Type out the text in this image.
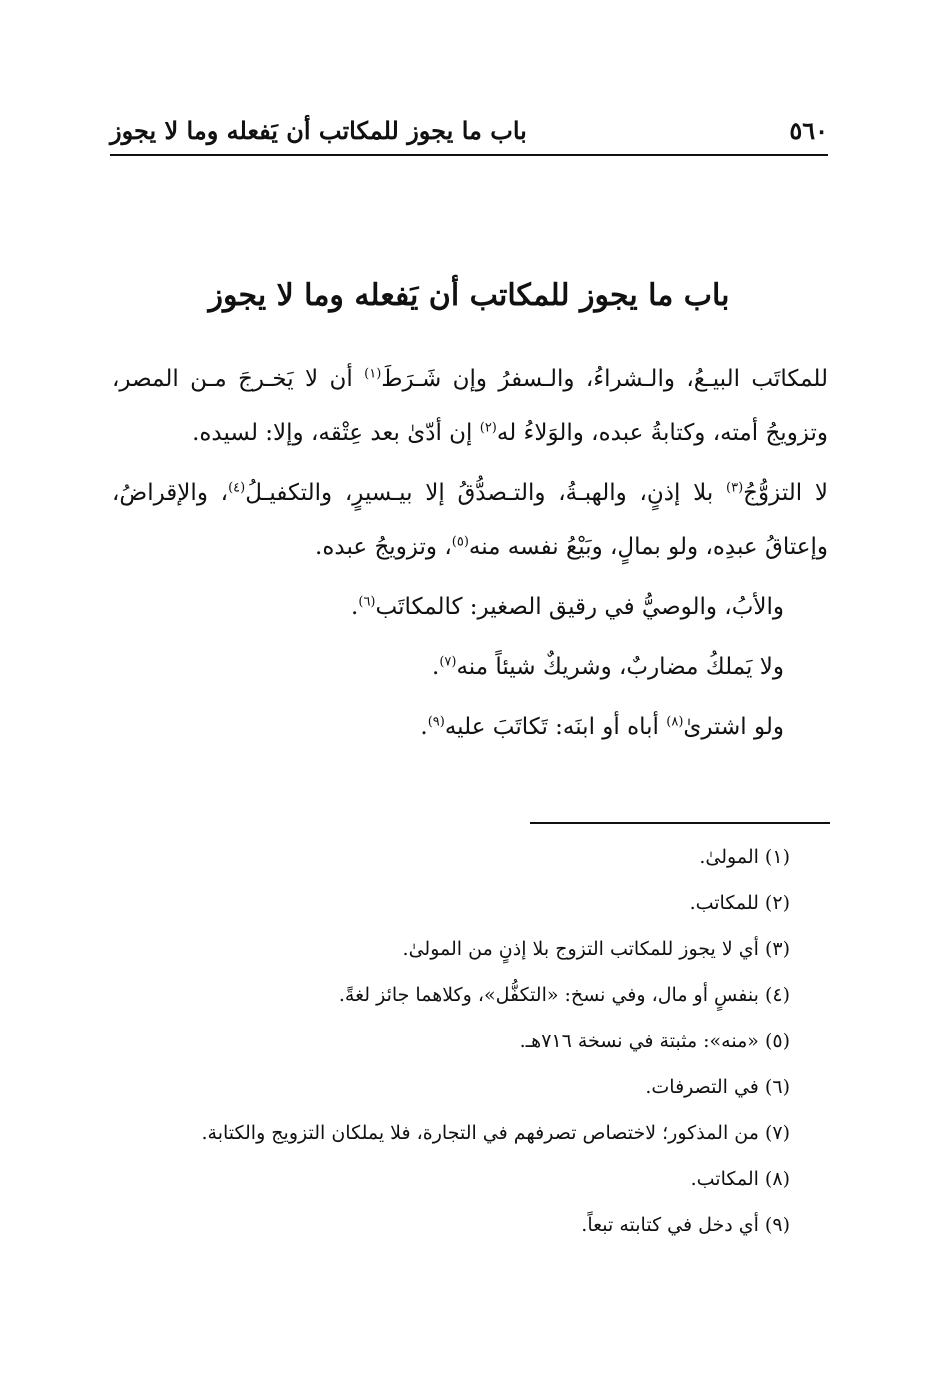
باب ما يجوز للمكاتب أن يَفعله وما لا يجوز	٥٦٠
باب ما يجوز للمكاتب أن يَفعله وما لا يجوز

للمكاتَب البيـعُ، والـشراءُ، والـسفرُ وإن شَـرَطَ$^{(١)}$ أن لا يَخـرجَ مـن المصر، وتزويجُ أمته، وكتابةُ عبده، والوَلاءُ له$^{(٢)}$ إن أدّىٰ بعد عِتْقه، وإلا: لسيده.

لا التزوُّجُ$^{(٣)}$ بلا إذنٍ، والهبـةُ، والتـصدُّقُ إلا بيـسيرٍ، والتكفيـلُ$^{(٤)}$، والإقراضُ، وإعتاقُ عبدِه، ولو بمالٍ، وبَيْعُ نفسه منه$^{(٥)}$، وتزويجُ عبده.

والأبُ، والوصيُّ في رقيق الصغير: كالمكاتَب$^{(٦)}$.

ولا يَملكُ مضاربٌ، وشريكٌ شيئاً منه$^{(٧)}$.

ولو اشترىٰ$^{(٨)}$ أباه أو ابنَه: تَكاتَبَ عليه$^{(٩)}$.

(١) المولىٰ.
(٢) للمكاتب.
(٣) أي لا يجوز للمكاتب التزوج بلا إذنٍ من المولىٰ.
(٤) بنفسٍ أو مال، وفي نسخ: «التكفُّل»، وكلاهما جائز لغةً.
(٥) «منه»: مثبتة في نسخة ٧١٦هـ.
(٦) في التصرفات.
(٧) من المذكور؛ لاختصاص تصرفهم في التجارة، فلا يملكان التزويج والكتابة.
(٨) المكاتب.
(٩) أي دخل في كتابته تبعاً.
